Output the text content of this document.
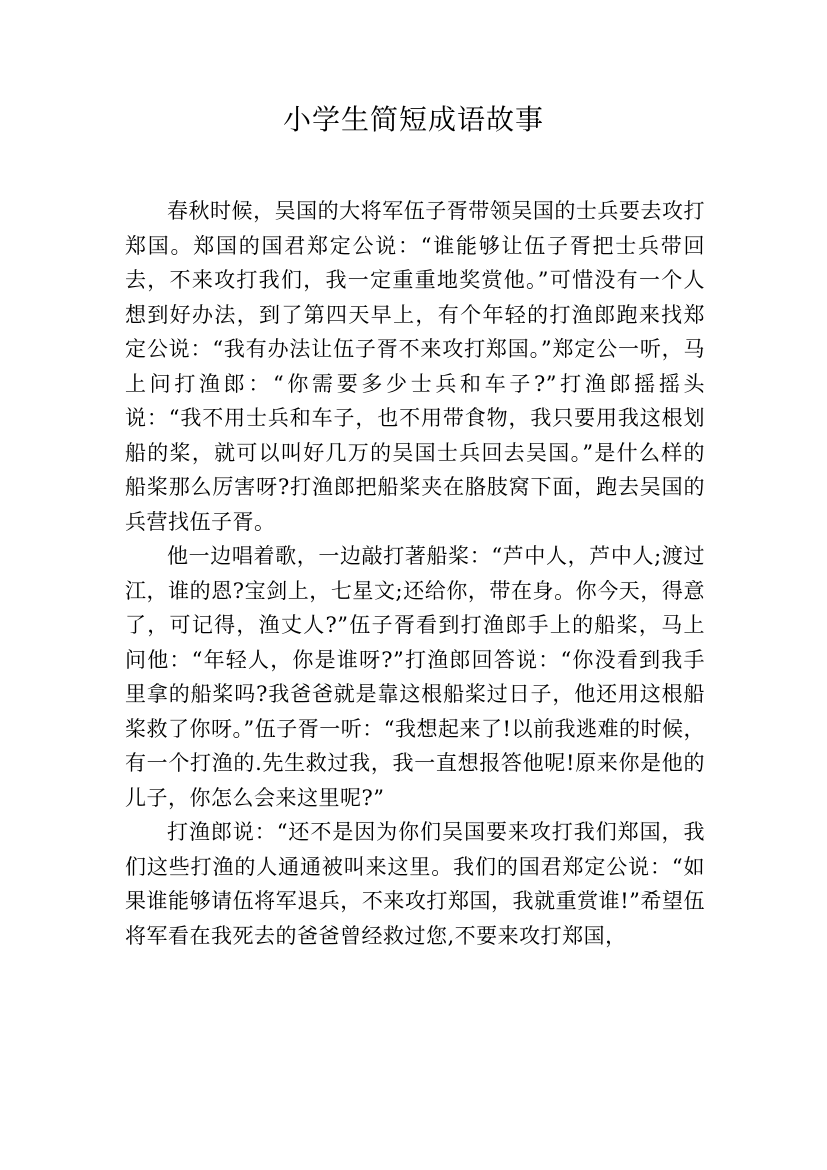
小学生简短成语故事

春秋时候，吴国的大将军伍子胥带领吴国的士兵要去攻打郑国。郑国的国君郑定公说：“谁能够让伍子胥把士兵带回去，不来攻打我们，我一定重重地奖赏他。”可惜没有一个人想到好办法，到了第四天早上，有个年轻的打渔郎跑来找郑定公说：“我有办法让伍子胥不来攻打郑国。”郑定公一听，马上问打渔郎：“你需要多少士兵和车子?”打渔郎摇摇头说：“我不用士兵和车子，也不用带食物，我只要用我这根划船的桨，就可以叫好几万的吴国士兵回去吴国。”是什么样的船桨那么厉害呀?打渔郎把船桨夹在胳肢窝下面，跑去吴国的兵营找伍子胥。

他一边唱着歌，一边敲打著船桨：“芦中人，芦中人;渡过江，谁的恩?宝剑上，七星文;还给你，带在身。你今天，得意了，可记得，渔丈人?”伍子胥看到打渔郎手上的船桨，马上问他：“年轻人，你是谁呀?”打渔郎回答说：“你没看到我手里拿的船桨吗?我爸爸就是靠这根船桨过日子，他还用这根船桨救了你呀。”伍子胥一听：“我想起来了!以前我逃难的时候，有一个打渔的.先生救过我，我一直想报答他呢!原来你是他的儿子，你怎么会来这里呢?”

打渔郎说：“还不是因为你们吴国要来攻打我们郑国，我们这些打渔的人通通被叫来这里。我们的国君郑定公说：“如果谁能够请伍将军退兵，不来攻打郑国，我就重赏谁!”希望伍将军看在我死去的爸爸曾经救过您,不要来攻打郑国，
